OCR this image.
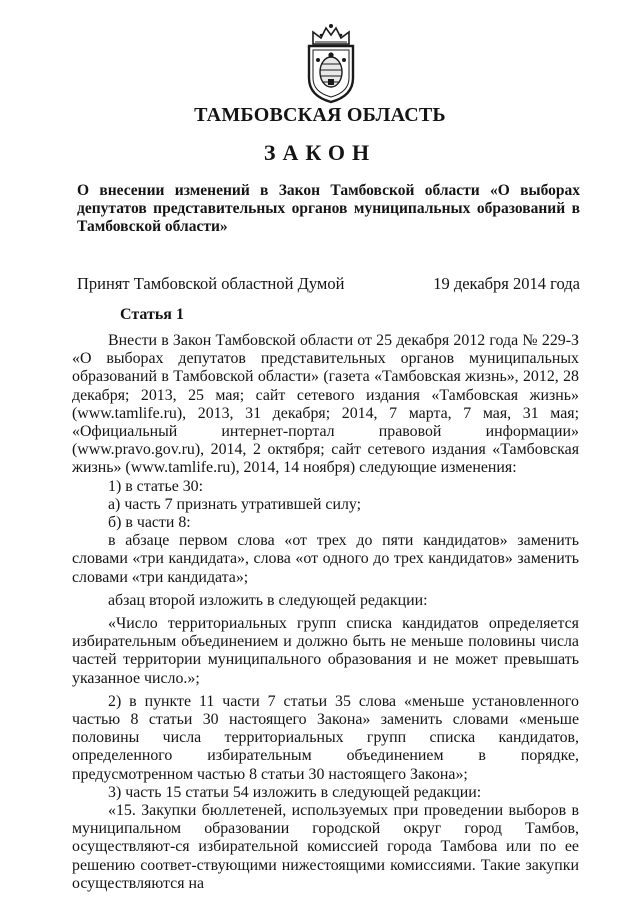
ТАМБОВСКАЯ ОБЛАСТЬ
ЗАКОН
О внесении изменений в Закон Тамбовской области «О выборах депутатов представительных органов муниципальных образований в Тамбовской области»
Принят Тамбовской областной Думой	19 декабря 2014 года
Статья 1

Внести в Закон Тамбовской области от 25 декабря 2012 года № 229-З «О выборах депутатов представительных органов муниципальных образований в Тамбовской области» (газета «Тамбовская жизнь», 2012, 28 декабря; 2013, 25 мая; сайт сетевого издания «Тамбовская жизнь» (www.tamlife.ru), 2013, 31 декабря; 2014, 7 марта, 7 мая, 31 мая; «Официальный интернет-портал правовой информации» (www.pravo.gov.ru), 2014, 2 октября; сайт сетевого издания «Тамбовская жизнь» (www.tamlife.ru), 2014, 14 ноября) следующие изменения:

1) в статье 30:

а) часть 7 признать утратившей силу;

б) в части 8:

в абзаце первом слова «от трех до пяти кандидатов» заменить словами «три кандидата», слова «от одного до трех кандидатов» заменить словами «три кандидата»;

абзац второй изложить в следующей редакции:

«Число территориальных групп списка кандидатов определяется избирательным объединением и должно быть не меньше половины числа частей территории муниципального образования и не может превышать указанное число.»;

2) в пункте 11 части 7 статьи 35 слова «меньше установленного частью 8 статьи 30 настоящего Закона» заменить словами «меньше половины числа территориальных групп списка кандидатов, определенного избирательным объединением в порядке, предусмотренном частью 8 статьи 30 настоящего Закона»;

3) часть 15 статьи 54 изложить в следующей редакции:

«15. Закупки бюллетеней, используемых при проведении выборов в муниципальном образовании городской округ город Тамбов, осуществляют-ся избирательной комиссией города Тамбова или по ее решению соответ-ствующими нижестоящими комиссиями. Такие закупки осуществляются на
